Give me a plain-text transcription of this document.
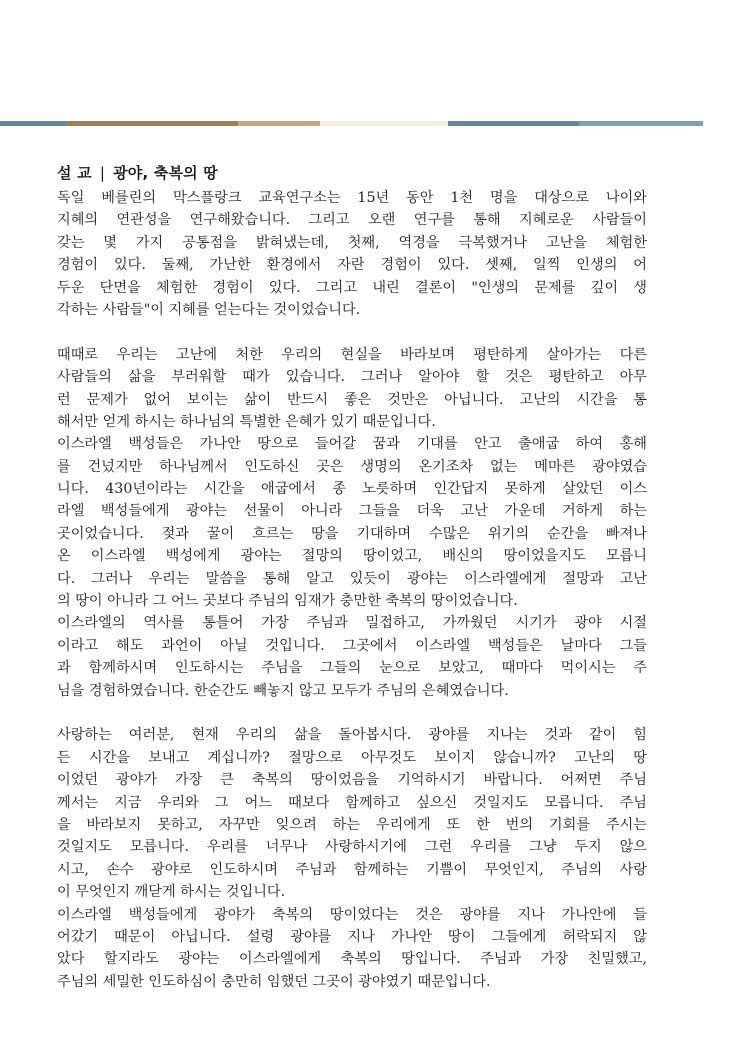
설 교 | 광야, 축복의 땅
독일 베를린의 막스플랑크 교육연구소는 15년 동안 1천 명을 대상으로 나이와
지혜의 연관성을 연구해왔습니다. 그리고 오랜 연구를 통해 지혜로운 사람들이
갖는 몇 가지 공통점을 밝혀냈는데, 첫째, 역경을 극복했거나 고난을 체험한
경험이 있다. 둘째, 가난한 환경에서 자란 경험이 있다. 셋째, 일찍 인생의 어
두운 단면을 체험한 경험이 있다. 그리고 내린 결론이 "인생의 문제를 깊이 생
각하는 사람들"이 지혜를 얻는다는 것이었습니다.
때때로 우리는 고난에 처한 우리의 현실을 바라보며 평탄하게 살아가는 다른
사람들의 삶을 부러워할 때가 있습니다. 그러나 알아야 할 것은 평탄하고 아무
런 문제가 없어 보이는 삶이 반드시 좋은 것만은 아닙니다. 고난의 시간을 통
해서만 얻게 하시는 하나님의 특별한 은혜가 있기 때문입니다.
이스라엘 백성들은 가나안 땅으로 들어갈 꿈과 기대를 안고 출애굽 하여 홍해
를 건넜지만 하나님께서 인도하신 곳은 생명의 온기조차 없는 메마른 광야였습
니다. 430년이라는 시간을 애굽에서 종 노릇하며 인간답지 못하게 살았던 이스
라엘 백성들에게 광야는 선물이 아니라 그들을 더욱 고난 가운데 거하게 하는
곳이었습니다. 젖과 꿀이 흐르는 땅을 기대하며 수많은 위기의 순간을 빠져나
온 이스라엘 백성에게 광야는 절망의 땅이었고, 배신의 땅이었을지도 모릅니
다. 그러나 우리는 말씀을 통해 알고 있듯이 광야는 이스라엘에게 절망과 고난
의 땅이 아니라 그 어느 곳보다 주님의 임재가 충만한 축복의 땅이었습니다.
이스라엘의 역사를 통틀어 가장 주님과 밀접하고, 가까웠던 시기가 광야 시절
이라고 해도 과언이 아닐 것입니다. 그곳에서 이스라엘 백성들은 날마다 그들
과 함께하시며 인도하시는 주님을 그들의 눈으로 보았고, 때마다 먹이시는 주
님을 경험하였습니다. 한순간도 빼놓지 않고 모두가 주님의 은혜였습니다.
사랑하는 여러분, 현재 우리의 삶을 돌아봅시다. 광야를 지나는 것과 같이 힘
든 시간을 보내고 계십니까? 절망으로 아무것도 보이지 않습니까? 고난의 땅
이었던 광야가 가장 큰 축복의 땅이었음을 기억하시기 바랍니다. 어쩌면 주님
께서는 지금 우리와 그 어느 때보다 함께하고 싶으신 것일지도 모릅니다. 주님
을 바라보지 못하고, 자꾸만 잊으려 하는 우리에게 또 한 번의 기회를 주시는
것일지도 모릅니다. 우리를 너무나 사랑하시기에 그런 우리를 그냥 두지 않으
시고, 손수 광야로 인도하시며 주님과 함께하는 기쁨이 무엇인지, 주님의 사랑
이 무엇인지 깨닫게 하시는 것입니다.
이스라엘 백성들에게 광야가 축복의 땅이었다는 것은 광야를 지나 가나안에 들
어갔기 때문이 아닙니다. 설령 광야를 지나 가나안 땅이 그들에게 허락되지 않
았다 할지라도 광야는 이스라엘에게 축복의 땅입니다. 주님과 가장 친밀했고,
주님의 세밀한 인도하심이 충만히 임했던 그곳이 광야였기 때문입니다.
